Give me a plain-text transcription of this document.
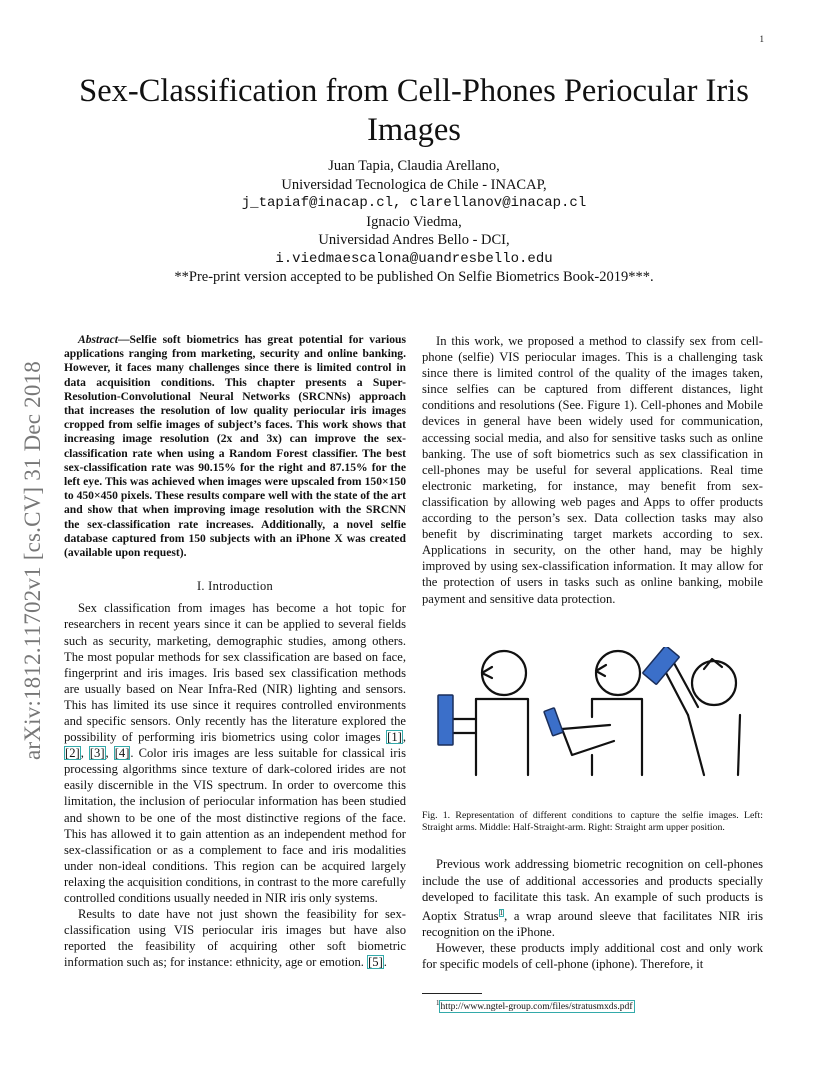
1
arXiv:1812.11702v1 [cs.CV] 31 Dec 2018
Sex-Classification from Cell-Phones Periocular Iris Images
Juan Tapia, Claudia Arellano,
Universidad Tecnologica de Chile - INACAP,
j_tapiaf@inacap.cl, clarellanov@inacap.cl
Ignacio Viedma,
Universidad Andres Bello - DCI,
i.viedmaescalona@uandresbello.edu
**Pre-print version accepted to be published On Selfie Biometrics Book-2019***.

Abstract—Selfie soft biometrics has great potential for various applications ranging from marketing, security and online banking. However, it faces many challenges since there is limited control in data acquisition conditions. This chapter presents a Super-Resolution-Convolutional Neural Networks (SRCNNs) approach that increases the resolution of low quality periocular iris images cropped from selfie images of subject’s faces. This work shows that increasing image resolution (2x and 3x) can improve the sex-classification rate when using a Random Forest classifier. The best sex-classification rate was 90.15% for the right and 87.15% for the left eye. This was achieved when images were upscaled from 150×150 to 450×450 pixels. These results compare well with the state of the art and show that when improving image resolution with the SRCNN the sex-classification rate increases. Additionally, a novel selfie database captured from 150 subjects with an iPhone X was created (available upon request).

I. Introduction

Sex classification from images has become a hot topic for researchers in recent years since it can be applied to several fields such as security, marketing, demographic studies, among others. The most popular methods for sex classification are based on face, fingerprint and iris images. Iris based sex classification methods are usually based on Near Infra-Red (NIR) lighting and sensors. This has limited its use since it requires controlled environments and specific sensors. Only recently has the literature explored the possibility of performing iris biometrics using color images [1], [2], [3], [4]. Color iris images are less suitable for classical iris processing algorithms since texture of dark-colored irides are not easily discernible in the VIS spectrum. In order to overcome this limitation, the inclusion of periocular information has been studied and shown to be one of the most distinctive regions of the face. This has allowed it to gain attention as an independent method for sex-classification or as a complement to face and iris modalities under non-ideal conditions. This region can be acquired largely relaxing the acquisition conditions, in contrast to the more carefully controlled conditions usually needed in NIR iris only systems.

Results to date have not just shown the feasibility for sex-classification using VIS periocular iris images but have also reported the feasibility of acquiring other soft biometric information such as; for instance: ethnicity, age or emotion. [5].

In this work, we proposed a method to classify sex from cell-phone (selfie) VIS periocular images. This is a challenging task since there is limited control of the quality of the images taken, since selfies can be captured from different distances, light conditions and resolutions (See. Figure 1). Cell-phones and Mobile devices in general have been widely used for communication, accessing social media, and also for sensitive tasks such as online banking. The use of soft biometrics such as sex classification in cell-phones may be useful for several applications. Real time electronic marketing, for instance, may benefit from sex-classification by allowing web pages and Apps to offer products according to the person’s sex. Data collection tasks may also benefit by discriminating target markets according to sex. Applications in security, on the other hand, may be highly improved by using sex-classification information. It may allow for the protection of users in tasks such as online banking, mobile payment and sensitive data protection.

Fig. 1. Representation of different conditions to capture the selfie images. Left: Straight arms. Middle: Half-Straight-arm. Right: Straight arm upper position.

Previous work addressing biometric recognition on cell-phones include the use of additional accessories and products specially developed to facilitate this task. An example of such products is Aoptix Stratus$^1$, a wrap around sleeve that facilitates NIR iris recognition on the iPhone.

However, these products imply additional cost and only work for specific models of cell-phone (iphone). Therefore, it

$^1$http://www.ngtel-group.com/files/stratusmxds.pdf
